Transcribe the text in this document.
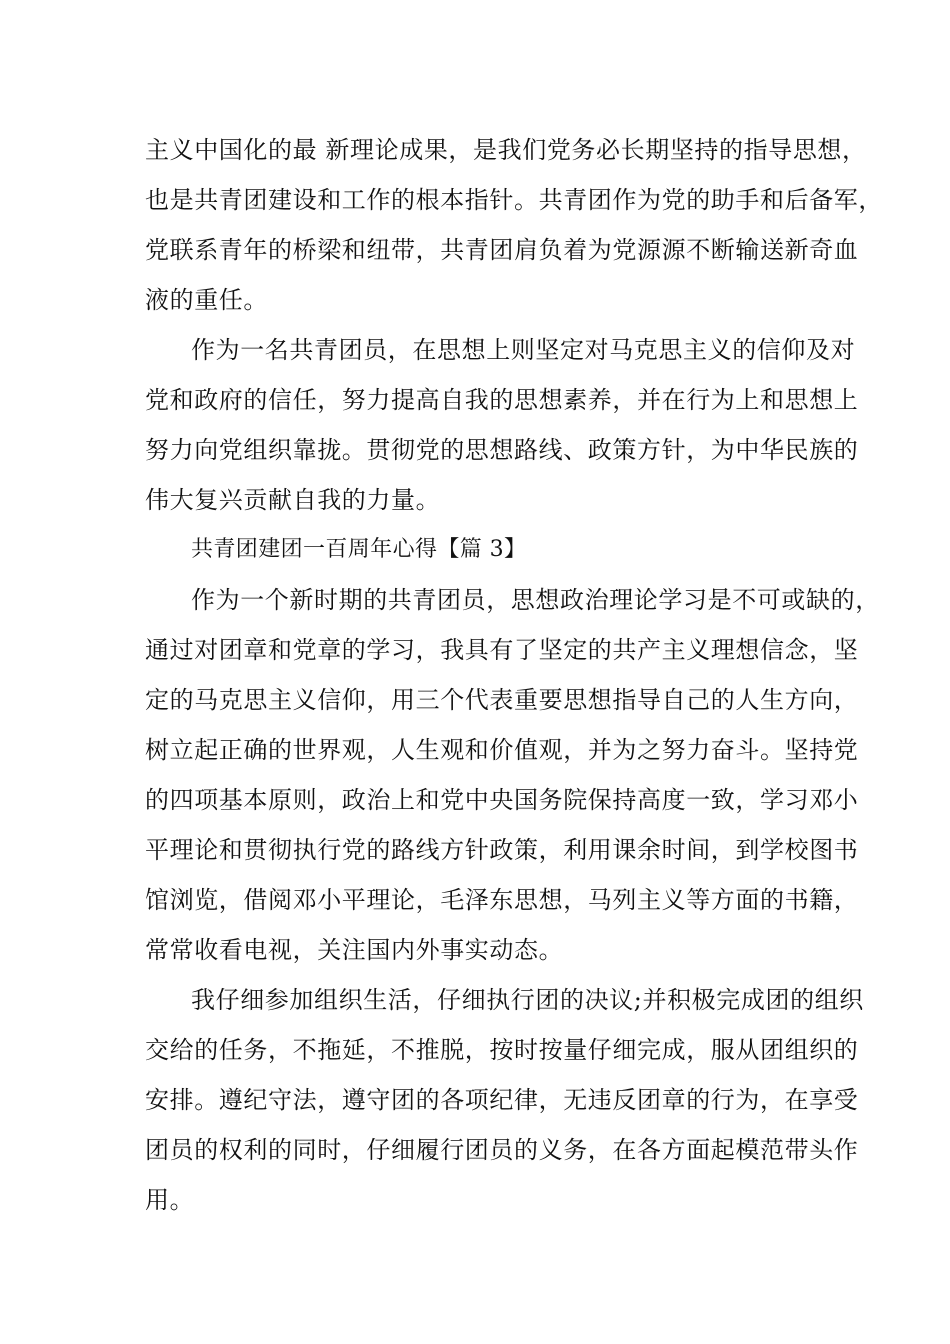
主义中国化的最 新理论成果，是我们党务必长期坚持的指导思想，
也是共青团建设和工作的根本指针。共青团作为党的助手和后备军，
党联系青年的桥梁和纽带，共青团肩负着为党源源不断输送新奇血
液的重任。
作为一名共青团员，在思想上则坚定对马克思主义的信仰及对
党和政府的信任，努力提高自我的思想素养，并在行为上和思想上
努力向党组织靠拢。贯彻党的思想路线、政策方针，为中华民族的
伟大复兴贡献自我的力量。
共青团建团一百周年心得【篇 3】
作为一个新时期的共青团员，思想政治理论学习是不可或缺的，
通过对团章和党章的学习，我具有了坚定的共产主义理想信念，坚
定的马克思主义信仰，用三个代表重要思想指导自己的人生方向，
树立起正确的世界观，人生观和价值观，并为之努力奋斗。坚持党
的四项基本原则，政治上和党中央国务院保持高度一致，学习邓小
平理论和贯彻执行党的路线方针政策，利用课余时间，到学校图书
馆浏览，借阅邓小平理论，毛泽东思想，马列主义等方面的书籍，
常常收看电视，关注国内外事实动态。
我仔细参加组织生活，仔细执行团的决议;并积极完成团的组织
交给的任务，不拖延，不推脱，按时按量仔细完成，服从团组织的
安排。遵纪守法，遵守团的各项纪律，无违反团章的行为，在享受
团员的权利的同时，仔细履行团员的义务，在各方面起模范带头作
用。
